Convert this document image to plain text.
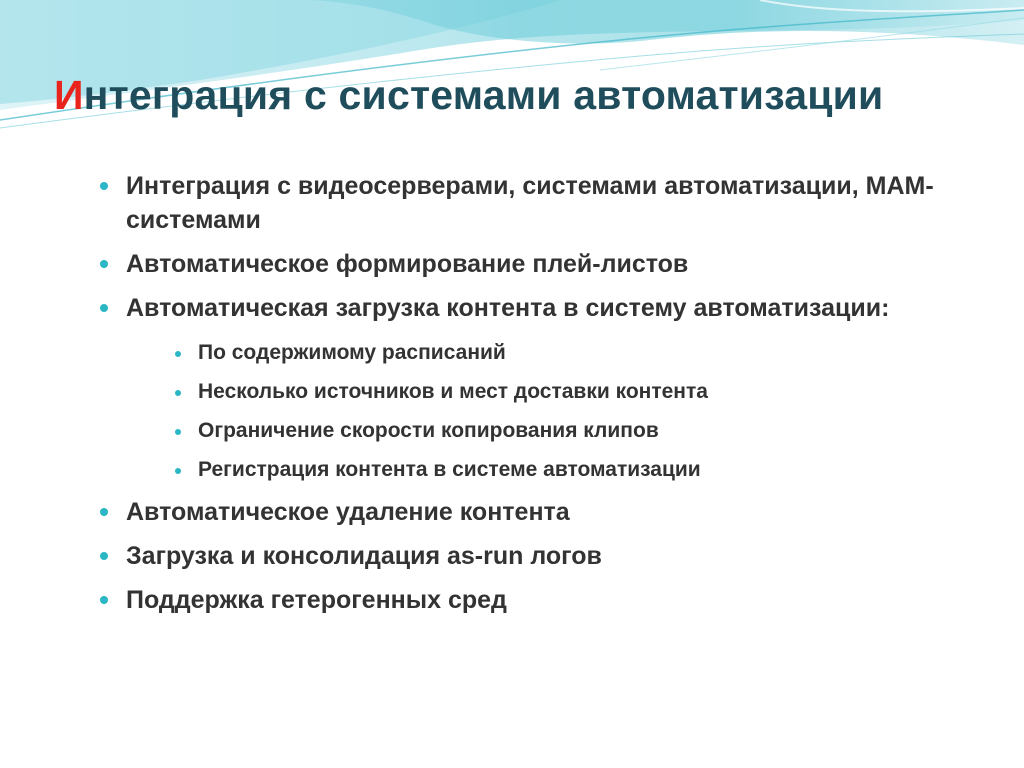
Интеграция с системами автоматизации
Интеграция с видеосерверами, системами автоматизации, MAM-системами
Автоматическое формирование плей-листов
Автоматическая загрузка контента в систему автоматизации:
По содержимому расписаний
Несколько источников и мест доставки контента
Ограничение скорости копирования клипов
Регистрация контента в системе автоматизации
Автоматическое удаление контента
Загрузка и консолидация as-run логов
Поддержка гетерогенных сред
